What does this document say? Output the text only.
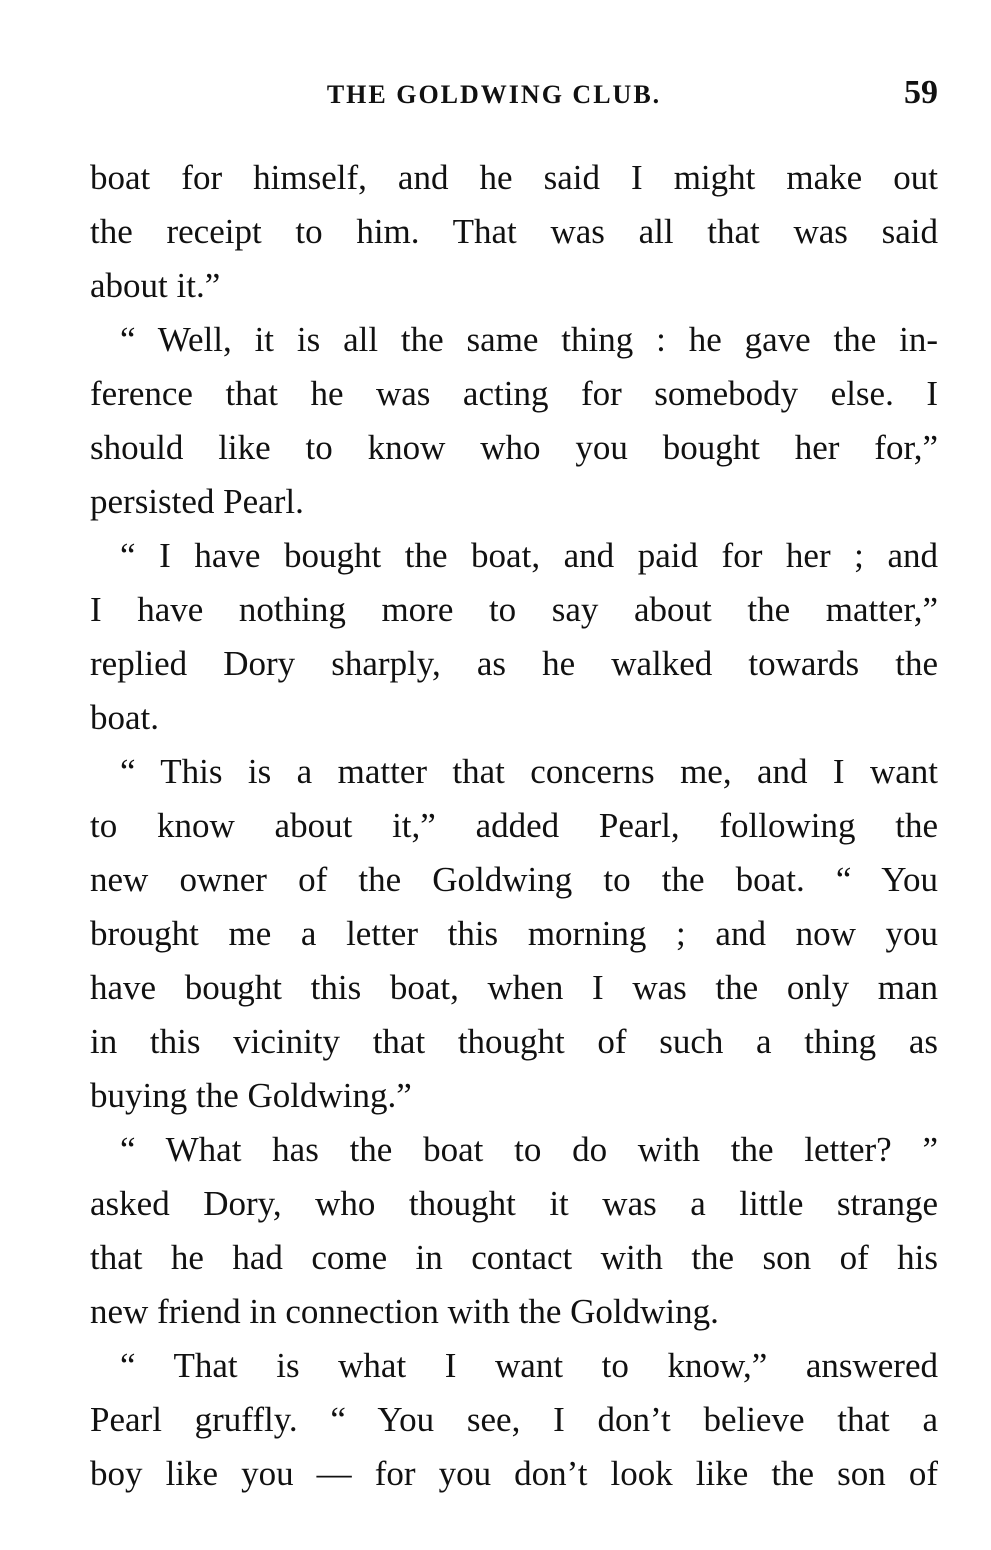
THE GOLDWING CLUB.	59
boat for himself, and he said I might make out
the receipt to him. That was all that was said
about it.”
“ Well, it is all the same thing : he gave the in-
ference that he was acting for somebody else. I
should like to know who you bought her for,”
persisted Pearl.
“ I have bought the boat, and paid for her ; and
I have nothing more to say about the matter,”
replied Dory sharply, as he walked towards the
boat.
“ This is a matter that concerns me, and I want
to know about it,” added Pearl, following the
new owner of the Goldwing to the boat. “ You
brought me a letter this morning ; and now you
have bought this boat, when I was the only man
in this vicinity that thought of such a thing as
buying the Goldwing.”
“ What has the boat to do with the letter? ”
asked Dory, who thought it was a little strange
that he had come in contact with the son of his
new friend in connection with the Goldwing.
“ That is what I want to know,” answered
Pearl gruffly. “ You see, I don’t believe that a
boy like you — for you don’t look like the son of
